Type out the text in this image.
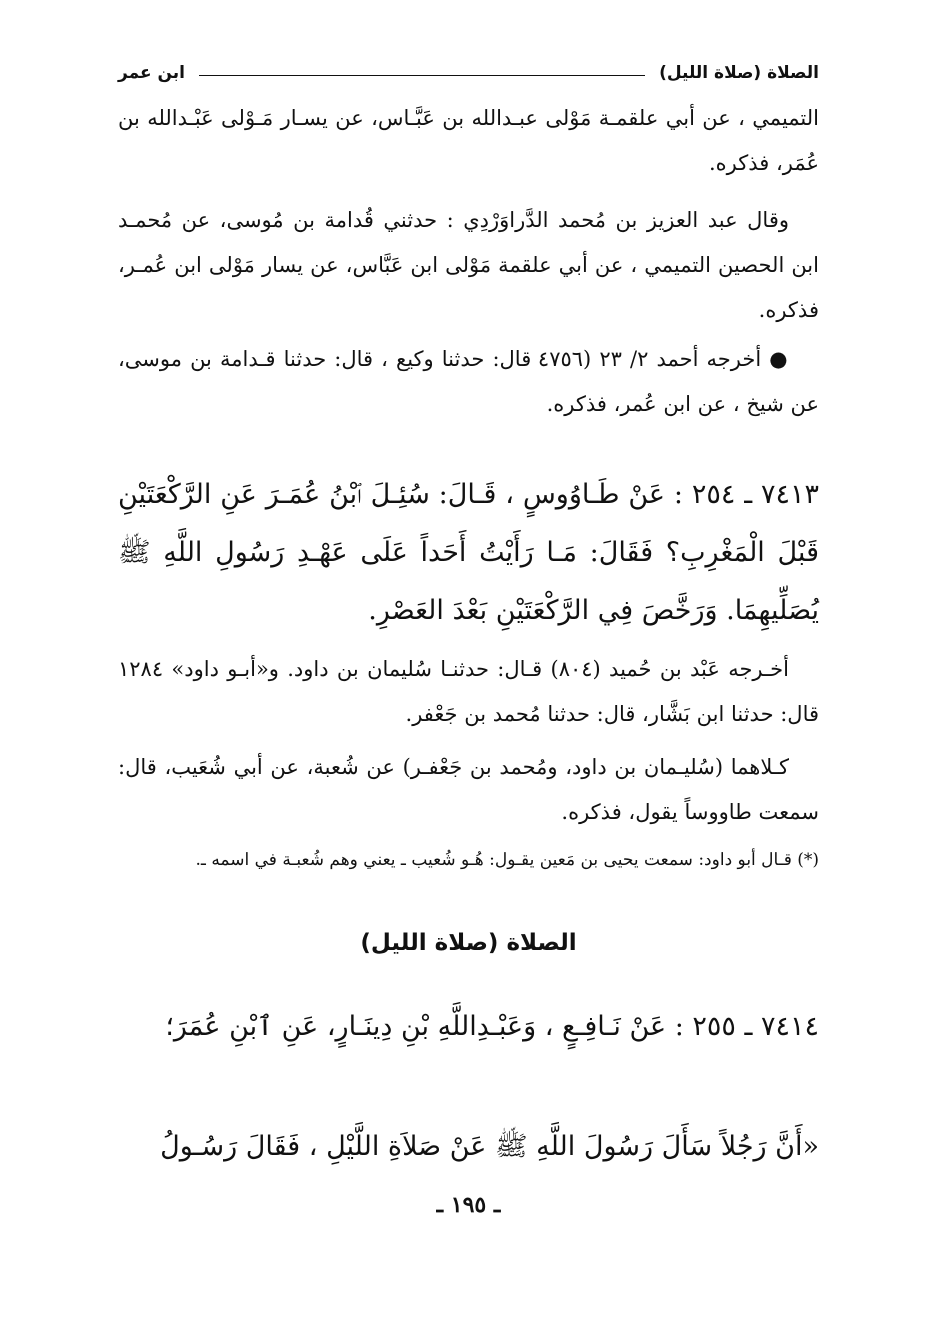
الصلاة (صلاة الليل)
ابن عمر

التميمي ، عن أبي علقمـة مَوْلى عبـدالله بن عَبَّـاس، عن يسـار مَـوْلى عَبْـدالله بن عُمَر، فذكره.

وقال عبد العزيز بن مُحمد الدَّراوَرْدِي : حدثني قُدامة بن مُوسى، عن مُحمـد ابن الحصين التميمي ، عن أبي علقمة مَوْلى ابن عَبَّاس، عن يسار مَوْلى ابن عُمـر، فذكره.

● أخرجه أحمد ٢/ ٢٣ (٤٧٥٦ قال: حدثنا وكيع ، قال: حدثنا قـدامة بن موسى، عن شيخ ، عن ابن عُمر، فذكره.

٧٤١٣ ـ ٢٥٤ : عَنْ طَـاوُوسٍ ، قَـالَ: سُئِـلَ ٱبْنُ عُمَـرَ عَنِ الرَّكْعَتَيْنِ قَبْلَ الْمَغْرِبِ؟ فَقَالَ: مَـا رَأَيْتُ أَحَداً عَلَى عَهْـدِ رَسُولِ اللَّهِ ﷺ يُصَلِّيهِمَا. وَرَخَّصَ فِي الرَّكْعَتَيْنِ بَعْدَ العَصْرِ.

أخـرجه عَبْد بن حُميد (٨٠٤) قـال: حدثنـا سُليمان بن داود. و«أبـو داود» ١٢٨٤ قال: حدثنا ابن بَشَّار، قال: حدثنا مُحمد بن جَعْفر.

كـلاهما (سُليـمان بن داود، ومُحمد بن جَعْفـر) عن شُعبة، عن أبي شُعَيب، قال: سمعت طاووساً يقول، فذكره.

(*) قـال أبو داود: سمعت يحيى بن مَعين يقـول: هُـو شُعيب ـ يعني وهم شُعبـة في اسمه ـ.

الصلاة (صلاة الليل)

٧٤١٤ ـ ٢٥٥ : عَنْ نَـافِـعٍ ، وَعَبْـدِاللَّهِ بْنِ دِينَـارٍ، عَنِ ٱبْنِ عُمَرَ؛

«أَنَّ رَجُلاً سَأَلَ رَسُولَ اللَّهِ ﷺ عَنْ صَلاَةِ اللَّيْلِ ، فَقَالَ رَسُـولُ

ـ ١٩٥ ـ
